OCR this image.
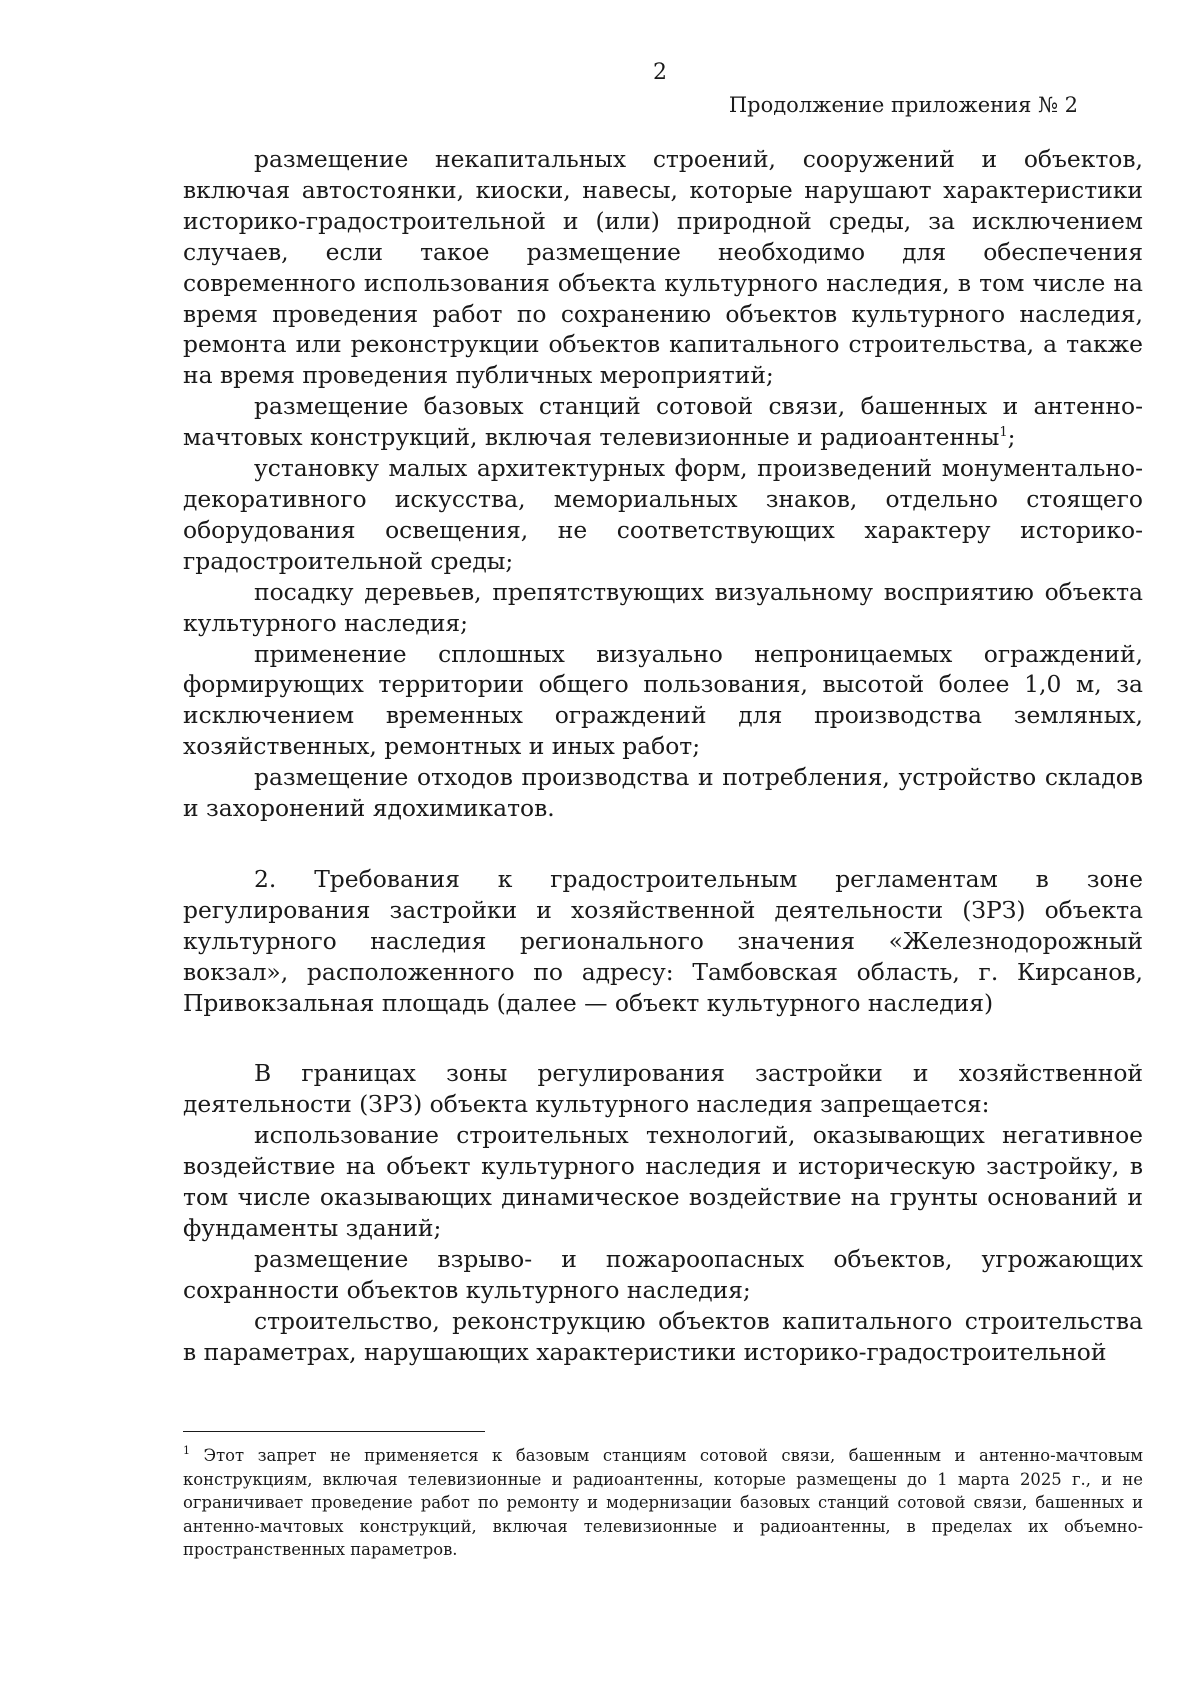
2
Продолжение приложения № 2

размещение некапитальных строений, сооружений и объектов, включая автостоянки, киоски, навесы, которые нарушают характеристики историко-градостроительной и (или) природной среды, за исключением случаев, если такое размещение необходимо для обеспечения современного использования объекта культурного наследия, в том числе на время проведения работ по сохранению объектов культурного наследия, ремонта или реконструкции объектов капитального строительства, а также на время проведения публичных мероприятий;

размещение базовых станций сотовой связи, башенных и антенно-мачтовых конструкций, включая телевизионные и радиоантенны$^1$;

установку малых архитектурных форм, произведений монументально-декоративного искусства, мемориальных знаков, отдельно стоящего оборудования освещения, не соответствующих характеру историко-градостроительной среды;

посадку деревьев, препятствующих визуальному восприятию объекта культурного наследия;

применение сплошных визуально непроницаемых ограждений, формирующих территории общего пользования, высотой более 1,0 м, за исключением временных ограждений для производства земляных, хозяйственных, ремонтных и иных работ;

размещение отходов производства и потребления, устройство складов и захоронений ядохимикатов.

2. Требования к градостроительным регламентам в зоне регулирования застройки и хозяйственной деятельности (ЗРЗ) объекта культурного наследия регионального значения «Железнодорожный вокзал», расположенного по адресу: Тамбовская область, г. Кирсанов, Привокзальная площадь (далее — объект культурного наследия)

В границах зоны регулирования застройки и хозяйственной деятельности (ЗРЗ) объекта культурного наследия запрещается:

использование строительных технологий, оказывающих негативное воздействие на объект культурного наследия и историческую застройку, в том числе оказывающих динамическое воздействие на грунты оснований и фундаменты зданий;

размещение взрыво- и пожароопасных объектов, угрожающих сохранности объектов культурного наследия;

строительство, реконструкцию объектов капитального строительства в параметрах, нарушающих характеристики историко-градостроительной

$^1$ Этот запрет не применяется к базовым станциям сотовой связи, башенным и антенно-мачтовым конструкциям, включая телевизионные и радиоантенны, которые размещены до 1 марта 2025 г., и не ограничивает проведение работ по ремонту и модернизации базовых станций сотовой связи, башенных и антенно-мачтовых конструкций, включая телевизионные и радиоантенны, в пределах их объемно-пространственных параметров.
